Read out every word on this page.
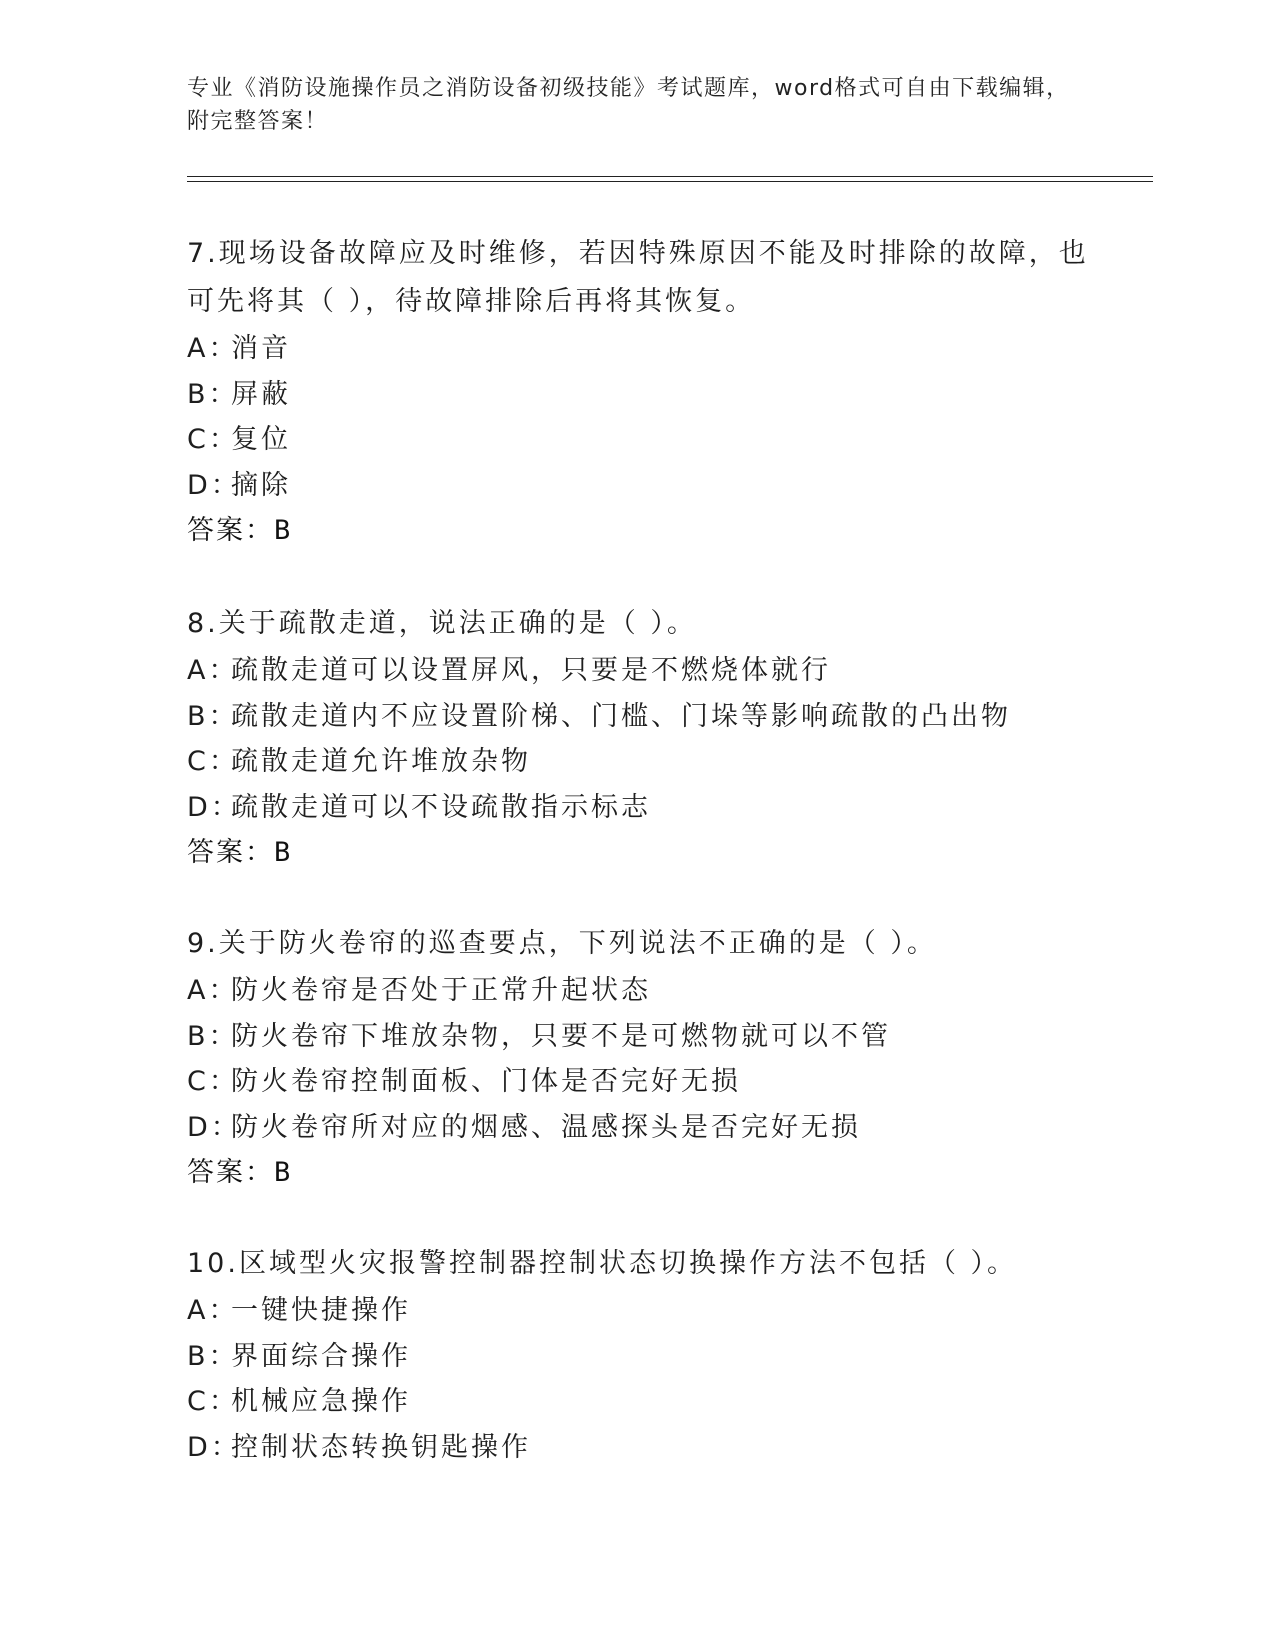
专业《消防设施操作员之消防设备初级技能》考试题库，word格式可自由下载编辑，附完整答案！

7.现场设备故障应及时维修，若因特殊原因不能及时排除的故障，也可先将其（ ），待故障排除后再将其恢复。

A：
消音
B：
屏蔽
C：
复位
D：
摘除
答案：B

8.关于疏散走道，说法正确的是（ ）。

A：
疏散走道可以设置屏风，只要是不燃烧体就行
B：
疏散走道内不应设置阶梯、门槛、门垛等影响疏散的凸出物
C：
疏散走道允许堆放杂物
D：
疏散走道可以不设疏散指示标志
答案：B

9.关于防火卷帘的巡查要点，下列说法不正确的是（ ）。

A：
防火卷帘是否处于正常升起状态
B：
防火卷帘下堆放杂物，只要不是可燃物就可以不管
C：
防火卷帘控制面板、门体是否完好无损
D：
防火卷帘所对应的烟感、温感探头是否完好无损
答案：B

10.区域型火灾报警控制器控制状态切换操作方法不包括（ ）。

A：
一键快捷操作
B：
界面综合操作
C：
机械应急操作
D：
控制状态转换钥匙操作
